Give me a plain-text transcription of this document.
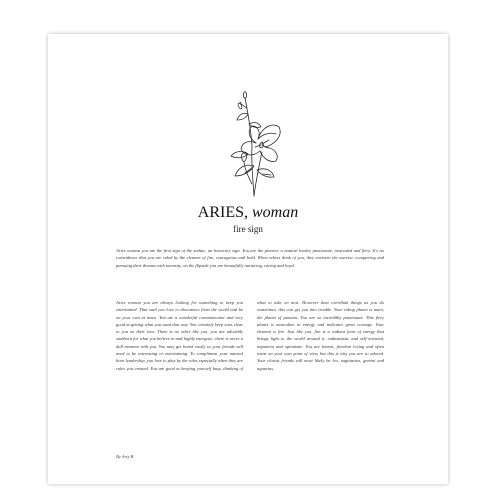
ARIES, woman
fire sign

Aries woman you are the first sign of the zodiac, an honorary sign. You are the pioneer, a natural leader, passionate, motivated and fiery. It's no coincidence that you are ruled by the element of fire, courageous and bold. When others think of you, they envision the warrior, conquering and pursuing their dreams with intensity, on the flipside you are beautifully nurturing, caring and loyal.

Aries woman you are always looking for something to keep you entertained. That said you love to disconnect from the world and be on your own at times. You are a wonderful communicator and very good at getting what you want that way. You certainly keep ones clear to you on their toes. There is no other like you, you are adorably stubborn for what you believe in and highly energetic; there is never a dull moment with you. You may get bored easily so your friends will need to be interesting or entertaining. To compliment your natural born leadership, you love to play by the rules especially when they are rules you created. You are good at keeping yourself busy, thinking of what to take on next. However dont overthink things as you do sometimes, this can get you into trouble. Your ruling planet is mars, the planet of passion. You are so incredibly passionate. This fiery planet is masculine in energy and indicates great courage. Your element is fire. Just like you, fire is a radiant form of energy that brings light to the world around it, enthusiastic and self-oriented, impatient and optimistic. You are honest, freedom loving and often insist on your own point of view, but this is why you are so adored. Your closest friends will most likely be leo, sagittarius, gemini and aquarius.

By Arty B
